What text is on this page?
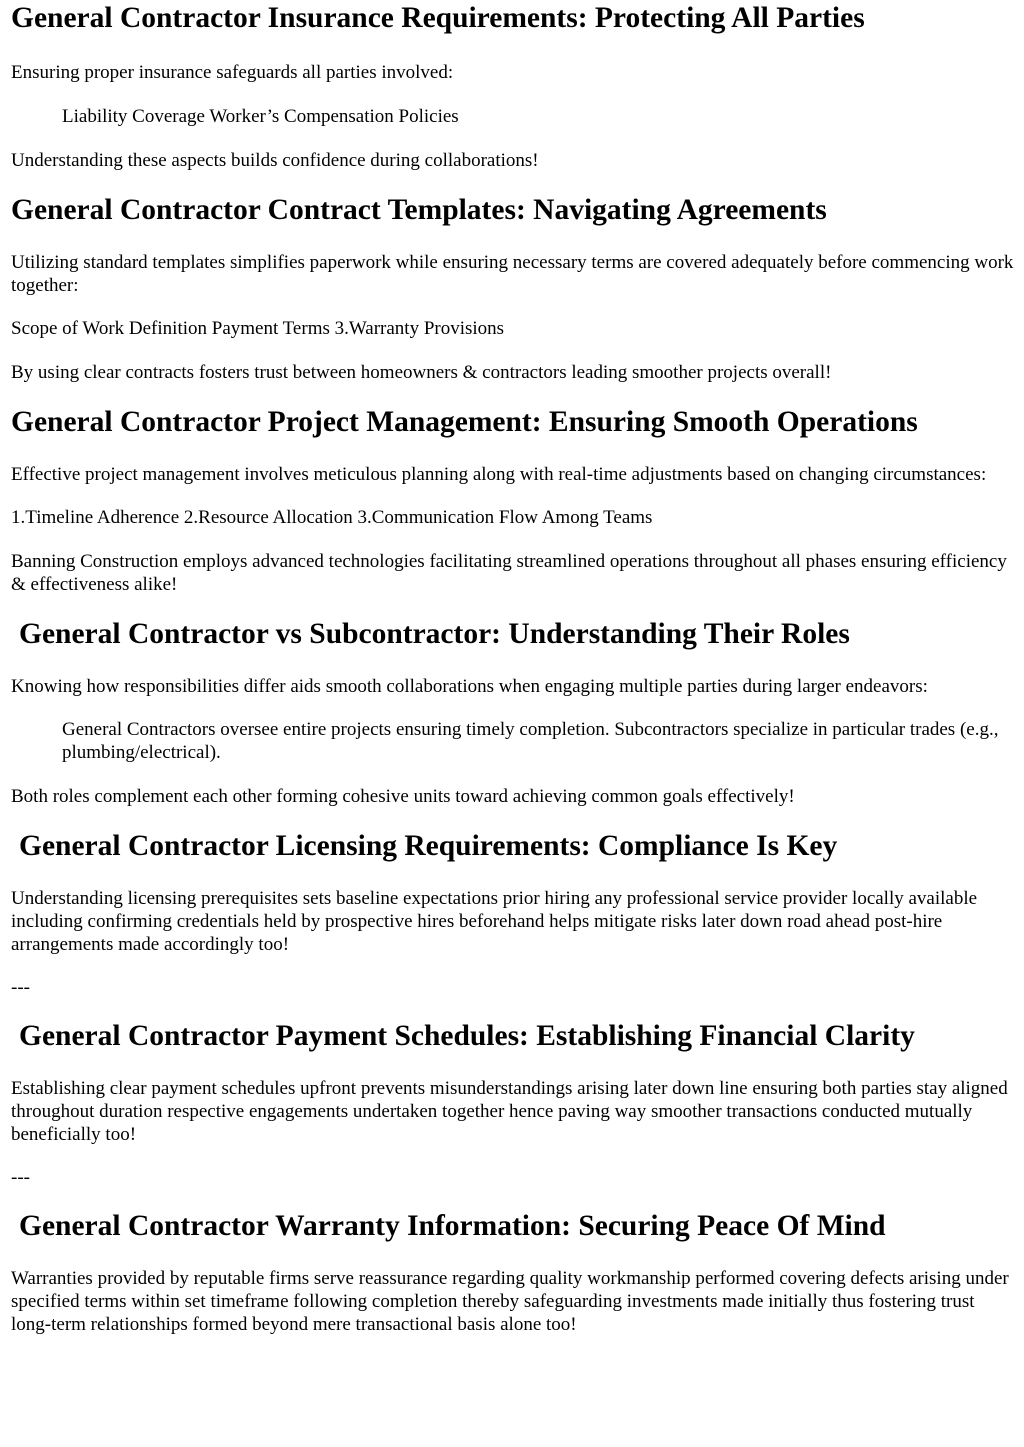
General Contractor Insurance Requirements: Protecting All Parties

Ensuring proper insurance safeguards all parties involved:

Liability Coverage Worker’s Compensation Policies

Understanding these aspects builds confidence during collaborations!

General Contractor Contract Templates: Navigating Agreements

Utilizing standard templates simplifies paperwork while ensuring necessary terms are covered adequately before commencing work together:

Scope of Work Definition Payment Terms 3.Warranty Provisions

By using clear contracts fosters trust between homeowners & contractors leading smoother projects overall!

General Contractor Project Management: Ensuring Smooth Operations

Effective project management involves meticulous planning along with real-time adjustments based on changing circumstances:

1.Timeline Adherence 2.Resource Allocation 3.Communication Flow Among Teams

Banning Construction employs advanced technologies facilitating streamlined operations throughout all phases ensuring efficiency & effectiveness alike!

General Contractor vs Subcontractor: Understanding Their Roles

Knowing how responsibilities differ aids smooth collaborations when engaging multiple parties during larger endeavors:

General Contractors oversee entire projects ensuring timely completion. Subcontractors specialize in particular trades (e.g., plumbing/electrical).

Both roles complement each other forming cohesive units toward achieving common goals effectively!

General Contractor Licensing Requirements: Compliance Is Key

Understanding licensing prerequisites sets baseline expectations prior hiring any professional service provider locally available including confirming credentials held by prospective hires beforehand helps mitigate risks later down road ahead post-hire arrangements made accordingly too!

---

General Contractor Payment Schedules: Establishing Financial Clarity

Establishing clear payment schedules upfront prevents misunderstandings arising later down line ensuring both parties stay aligned throughout duration respective engagements undertaken together hence paving way smoother transactions conducted mutually beneficially too!

---

General Contractor Warranty Information: Securing Peace Of Mind

Warranties provided by reputable firms serve reassurance regarding quality workmanship performed covering defects arising under specified terms within set timeframe following completion thereby safeguarding investments made initially thus fostering trust long-term relationships formed beyond mere transactional basis alone too!
